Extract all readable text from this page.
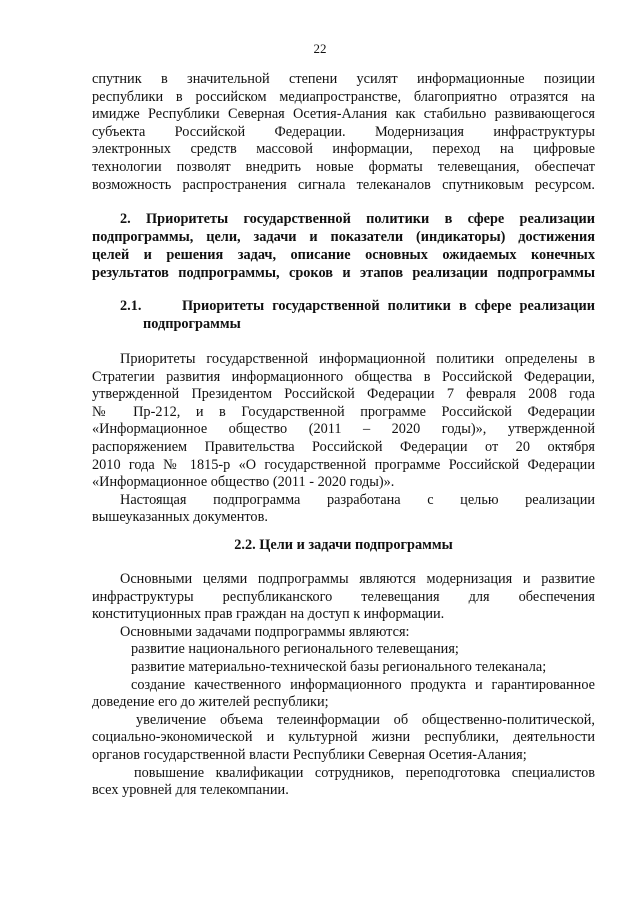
22
спутник в значительной степени усилят информационные позиции
республики в российском медиапространстве, благоприятно отразятся на
имидже Республики Северная Осетия-Алания как стабильно развивающегося
субъекта Российской Федерации. Модернизация инфраструктуры
электронных средств массовой информации, переход на цифровые
технологии позволят внедрить новые форматы телевещания, обеспечат
возможность распространения сигнала телеканалов спутниковым ресурсом.
2. Приоритеты государственной политики в сфере реализации
подпрограммы, цели, задачи и показатели (индикаторы) достижения
целей и решения задач, описание основных ожидаемых конечных
результатов подпрограммы, сроков и этапов реализации подпрограммы
2.1.     Приоритеты государственной политики в сфере реализации
подпрограммы
Приоритеты государственной информационной политики определены в
Стратегии развития информационного общества в Российской Федерации,
утвержденной Президентом Российской Федерации 7 февраля 2008 года
№ Пр-212, и в Государственной программе Российской Федерации
«Информационное общество (2011 – 2020 годы)», утвержденной
распоряжением Правительства Российской Федерации от 20 октября
2010 года № 1815-р «О государственной программе Российской Федерации
«Информационное общество (2011 - 2020 годы)».
Настоящая подпрограмма разработана с целью реализации
вышеуказанных документов.
2.2. Цели и задачи подпрограммы
Основными целями подпрограммы являются модернизация и развитие
инфраструктуры республиканского телевещания для обеспечения
конституционных прав граждан на доступ к информации.
Основными задачами подпрограммы являются:
развитие национального регионального телевещания;
развитие материально-технической базы регионального телеканала;
создание качественного информационного продукта и гарантированное
доведение его до жителей республики;
увеличение объема телеинформации об общественно-политической,
социально-экономической и культурной жизни республики, деятельности
органов государственной власти Республики Северная Осетия-Алания;
повышение квалификации сотрудников, переподготовка специалистов
всех уровней для телекомпании.
